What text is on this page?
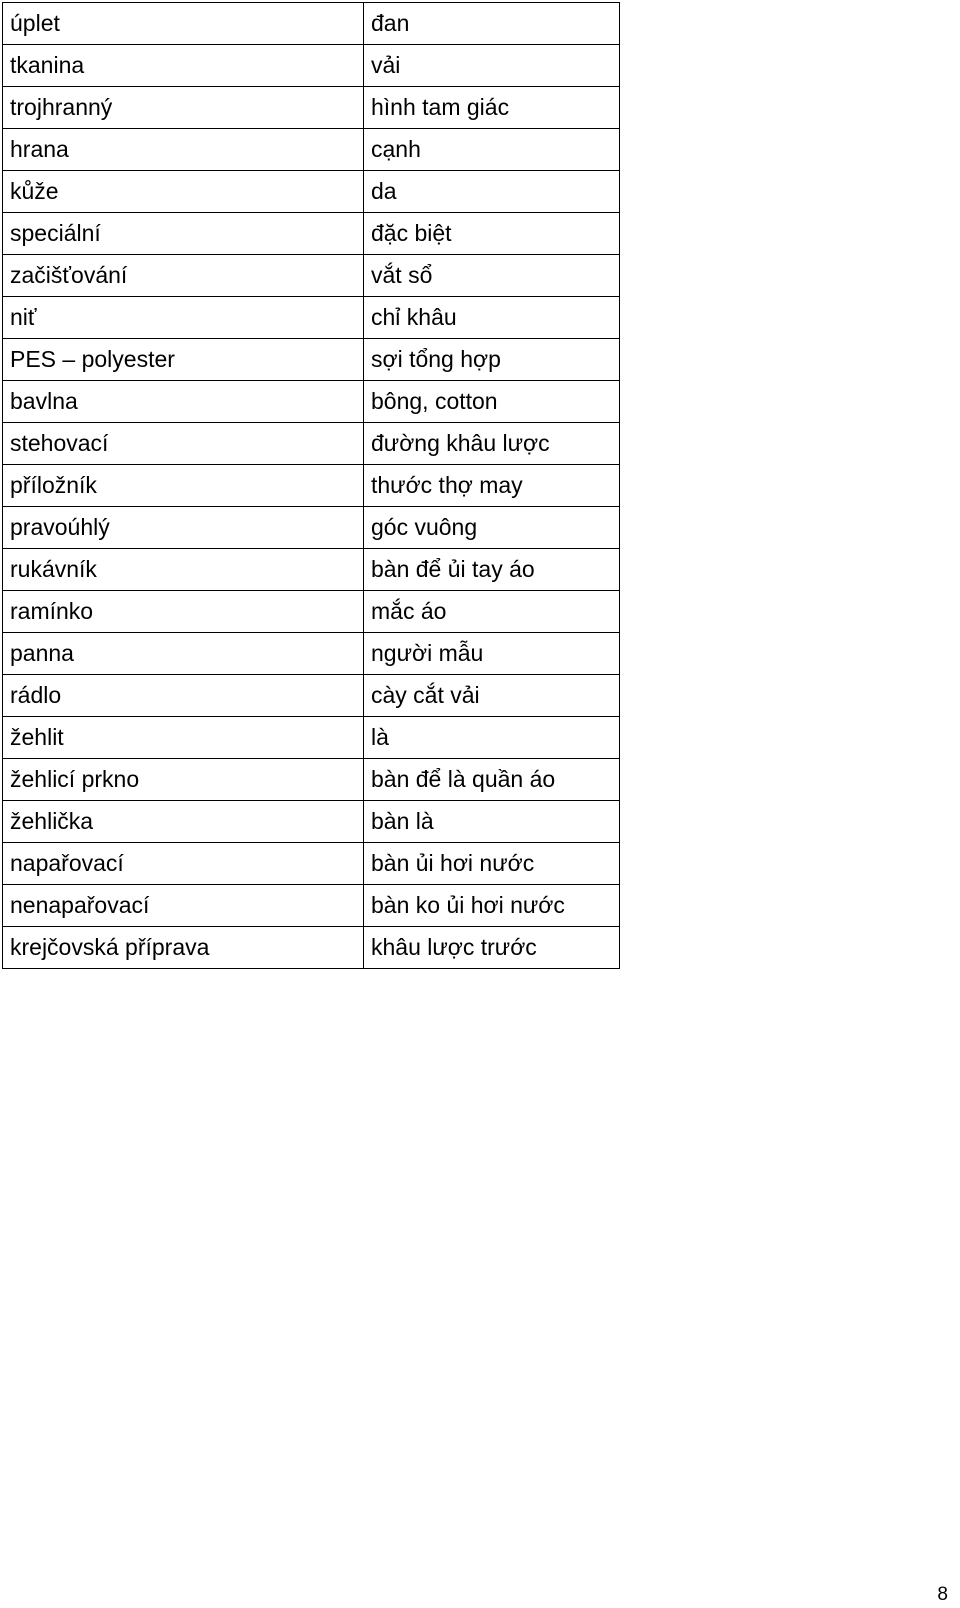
úplet	đan
tkanina	vải
trojhranný	hình tam giác
hrana	cạnh
kůže	da
speciální	đặc biệt
začišťování	vắt sổ
niť	chỉ khâu
PES – polyester	sợi tổng hợp
bavlna	bông, cotton
stehovací	đường khâu lược
příložník	thước thợ may
pravoúhlý	góc vuông
rukávník	bàn để ủi tay áo
ramínko	mắc áo
panna	người mẫu
rádlo	cày cắt vải
žehlit	là
žehlicí prkno	bàn để là quần áo
žehlička	bàn là
napařovací	bàn ủi hơi nước
nenapařovací	bàn ko ủi hơi nước
krejčovská příprava	khâu lược trước
8
